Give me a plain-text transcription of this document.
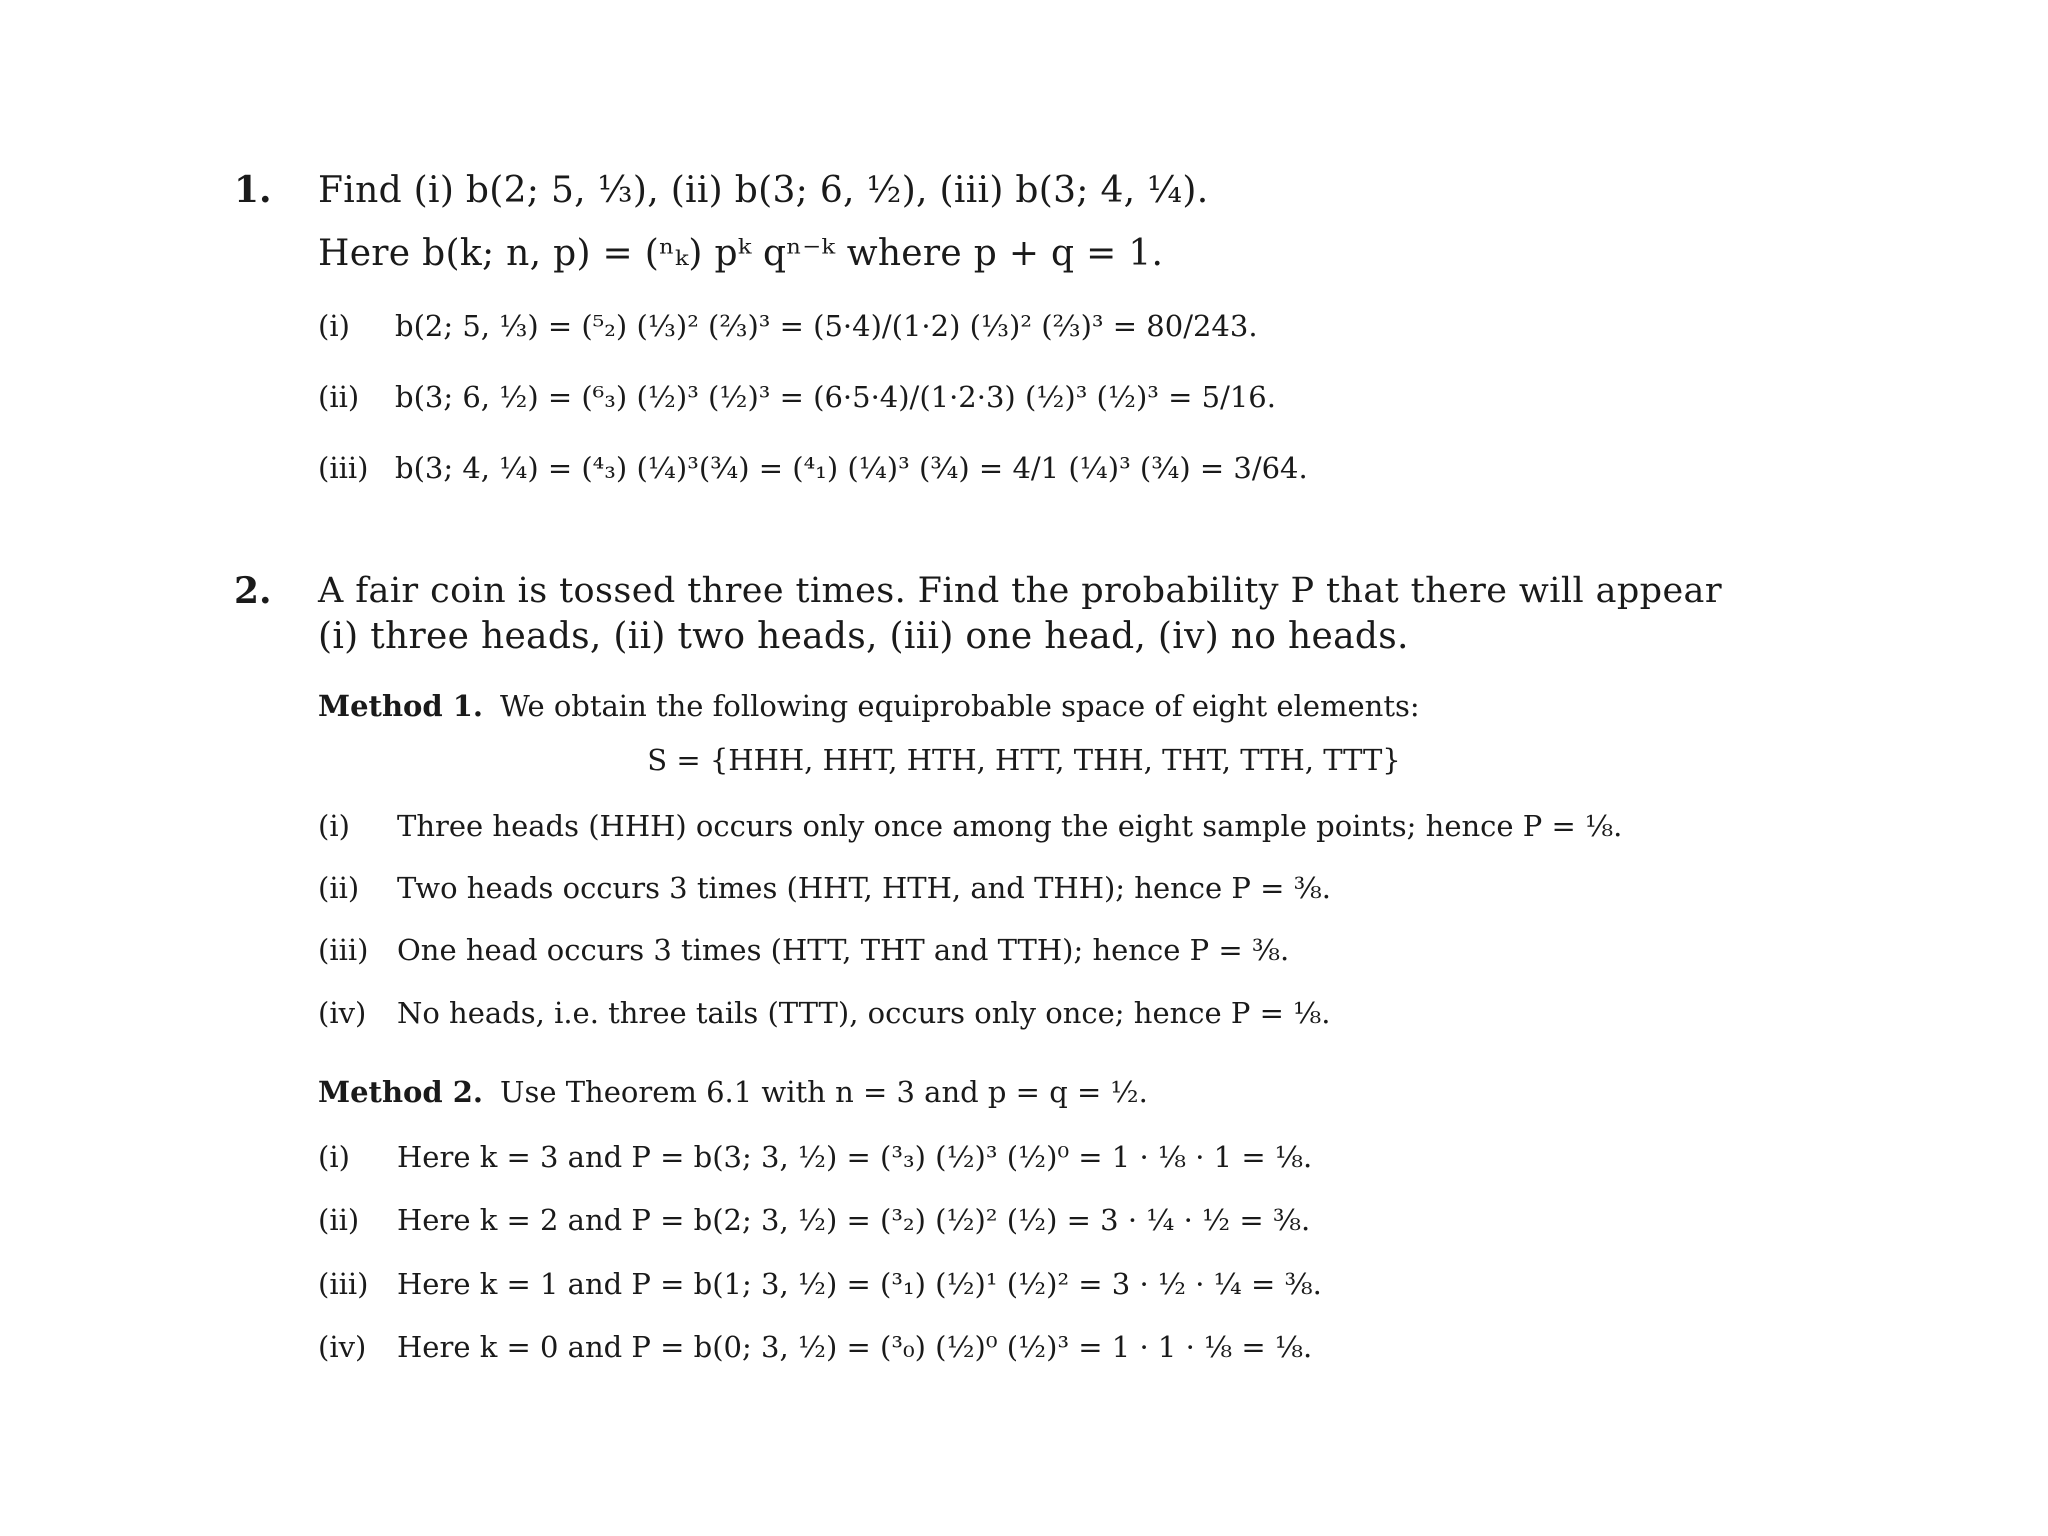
1. Find (i) b(2; 5, ⅓), (ii) b(3; 6, ½), (iii) b(3; 4, ¼).
Here b(k; n, p) = (ⁿₖ) pᵏ qⁿ⁻ᵏ where p + q = 1.
(i) b(2; 5, ⅓) = (⁵₂) (⅓)² (⅔)³ = (5·4)/(1·2) (⅓)² (⅔)³ = 80/243.
(ii) b(3; 6, ½) = (⁶₃) (½)³ (½)³ = (6·5·4)/(1·2·3) (½)³ (½)³ = 5/16.
(iii) b(3; 4, ¼) = (⁴₃) (¼)³(¾) = (⁴₁) (¼)³ (¾) = 4/1 (¼)³ (¾) = 3/64.
2. A fair coin is tossed three times. Find the probability P that there will appear
(i) three heads, (ii) two heads, (iii) one head, (iv) no heads.
Method 1. We obtain the following equiprobable space of eight elements:
S = {HHH, HHT, HTH, HTT, THH, THT, TTH, TTT}
(i) Three heads (HHH) occurs only once among the eight sample points; hence P = ⅛.
(ii) Two heads occurs 3 times (HHT, HTH, and THH); hence P = ⅜.
(iii) One head occurs 3 times (HTT, THT and TTH); hence P = ⅜.
(iv) No heads, i.e. three tails (TTT), occurs only once; hence P = ⅛.
Method 2. Use Theorem 6.1 with n = 3 and p = q = ½.
(i) Here k = 3 and P = b(3; 3, ½) = (³₃) (½)³ (½)⁰ = 1 · ⅛ · 1 = ⅛.
(ii) Here k = 2 and P = b(2; 3, ½) = (³₂) (½)² (½) = 3 · ¼ · ½ = ⅜.
(iii) Here k = 1 and P = b(1; 3, ½) = (³₁) (½)¹ (½)² = 3 · ½ · ¼ = ⅜.
(iv) Here k = 0 and P = b(0; 3, ½) = (³₀) (½)⁰ (½)³ = 1 · 1 · ⅛ = ⅛.
